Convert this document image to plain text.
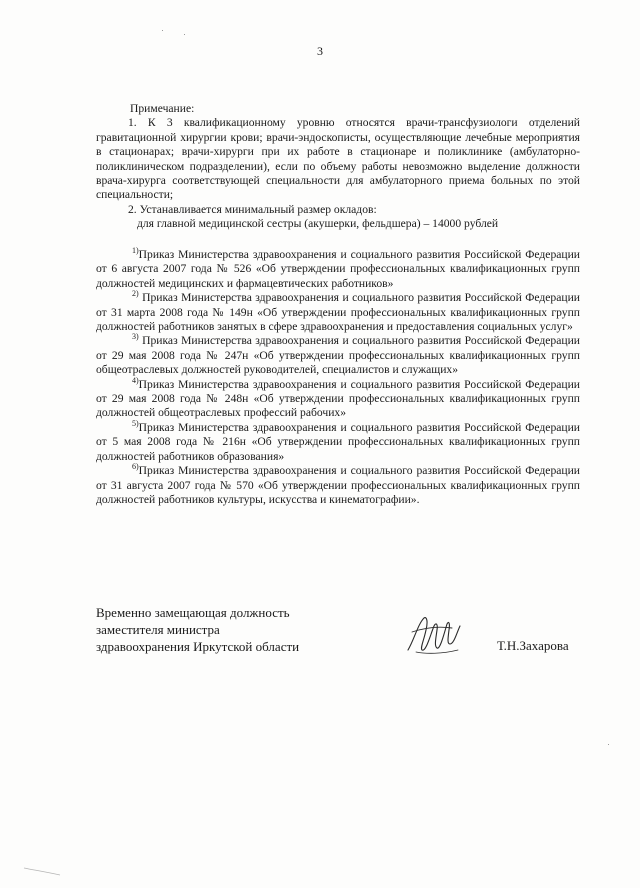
3

Примечание:

1. К 3 квалификационному уровню относятся врачи-трансфузиологи отделений гравитационной хирургии крови; врачи-эндоскописты, осуществляющие лечебные мероприятия в стационарах; врачи-хирурги при их работе в стационаре и поликлинике (амбулаторно-поликлиническом подразделении), если по объему работы невозможно выделение должности врача-хирурга соответствующей специальности для амбулаторного приема больных по этой специальности;

2. Устанавливается минимальный размер окладов:

для главной медицинской сестры (акушерки, фельдшера) – 14000 рублей

$^{1)}$Приказ Министерства здравоохранения и социального развития Российской Федерации от 6 августа 2007 года № 526 «Об утверждении профессиональных квалификационных групп должностей медицинских и фармацевтических работников»

$^{2)}$ Приказ Министерства здравоохранения и социального развития Российской Федерации от 31 марта 2008 года № 149н «Об утверждении профессиональных квалификационных групп должностей работников занятых в сфере здравоохранения и предоставления социальных услуг»

$^{3)}$ Приказ Министерства здравоохранения и социального развития Российской Федерации от 29 мая 2008 года № 247н «Об утверждении профессиональных квалификационных групп общеотраслевых должностей руководителей, специалистов и служащих»

$^{4)}$Приказ Министерства здравоохранения и социального развития Российской Федерации от 29 мая 2008 года № 248н «Об утверждении профессиональных квалификационных групп должностей общеотраслевых профессий рабочих»

$^{5)}$Приказ Министерства здравоохранения и социального развития Российской Федерации от 5 мая 2008 года № 216н «Об утверждении профессиональных квалификационных групп должностей работников образования»

$^{6)}$Приказ Министерства здравоохранения и социального развития Российской Федерации от 31 августа 2007 года № 570 «Об утверждении профессиональных квалификационных групп должностей работников культуры, искусства и кинематографии».

Временно замещающая должность
заместителя министра
здравоохранения Иркутской области	Т.Н.Захарова
